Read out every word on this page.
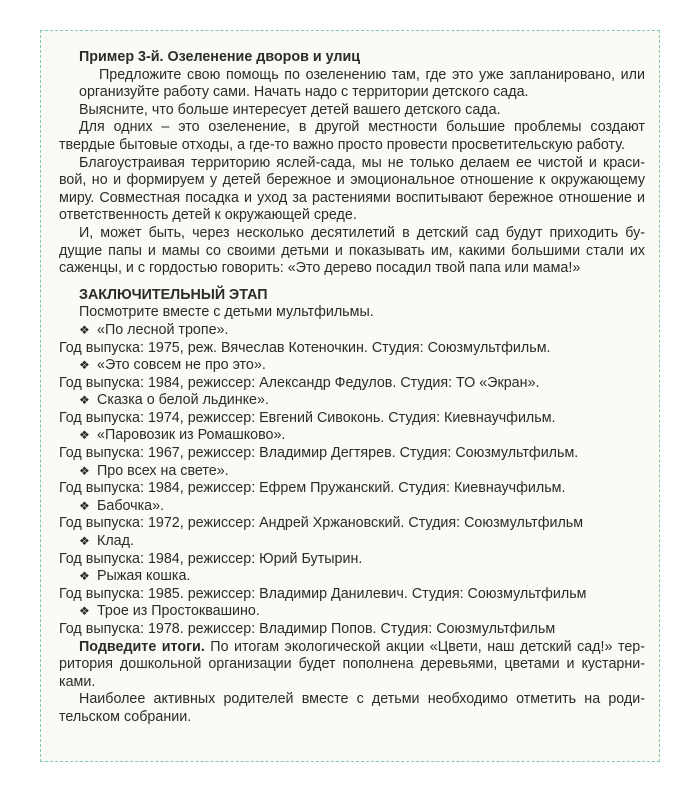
Пример 3-й. Озеленение дворов и улиц

Предложите свою помощь по озеленению там, где это уже запланировано, или организуйте работу сами. Начать надо с территории детского сада.

Выясните, что больше интересует детей вашего детского сада.

Для одних – это озеленение, в другой местности большие проблемы создают твердые бытовые отходы, а где-то важно просто провести просветительскую работу.

Благоустраивая территорию яслей-сада, мы не только делаем ее чистой и краси-вой, но и формируем у детей бережное и эмоциональное отношение к окружающему миру. Совместная посадка и уход за растениями воспитывают бережное отношение и ответственность детей к окружающей среде.

И, может быть, через несколько десятилетий в детский сад будут приходить бу-дущие папы и мамы со своими детьми и показывать им, какими большими стали их саженцы, и с гордостью говорить: «Это дерево посадил твой папа или мама!»

ЗАКЛЮЧИТЕЛЬНЫЙ ЭТАП

Посмотрите вместе с детьми мультфильмы.

❖ «По лесной тропе».

Год выпуска: 1975, реж. Вячеслав Котеночкин. Студия: Союзмультфильм.

❖ «Это совсем не про это».

Год выпуска: 1984, режиссер: Александр Федулов. Студия: ТО «Экран».

❖ Сказка о белой льдинке».

Год выпуска: 1974, режиссер: Евгений Сивоконь. Студия: Киевнаучфильм.

❖ «Паровозик из Ромашково».

Год выпуска: 1967, режиссер: Владимир Дегтярев. Студия: Союзмультфильм.

❖ Про всех на свете».

Год выпуска: 1984, режиссер: Ефрем Пружанский. Студия: Киевнаучфильм.

❖ Бабочка».

Год выпуска: 1972, режиссер: Андрей Хржановский. Студия: Союзмультфильм

❖ Клад.

Год выпуска: 1984, режиссер: Юрий Бутырин.

❖ Рыжая кошка.

Год выпуска: 1985. режиссер: Владимир Данилевич. Студия: Союзмультфильм

❖ Трое из Простоквашино.

Год выпуска: 1978. режиссер: Владимир Попов. Студия: Союзмультфильм

Подведите итоги. По итогам экологической акции «Цвети, наш детский сад!» тер-ритория дошкольной организации будет пополнена деревьями, цветами и кустарни-ками.

Наиболее активных родителей вместе с детьми необходимо отметить на роди-тельском собрании.
